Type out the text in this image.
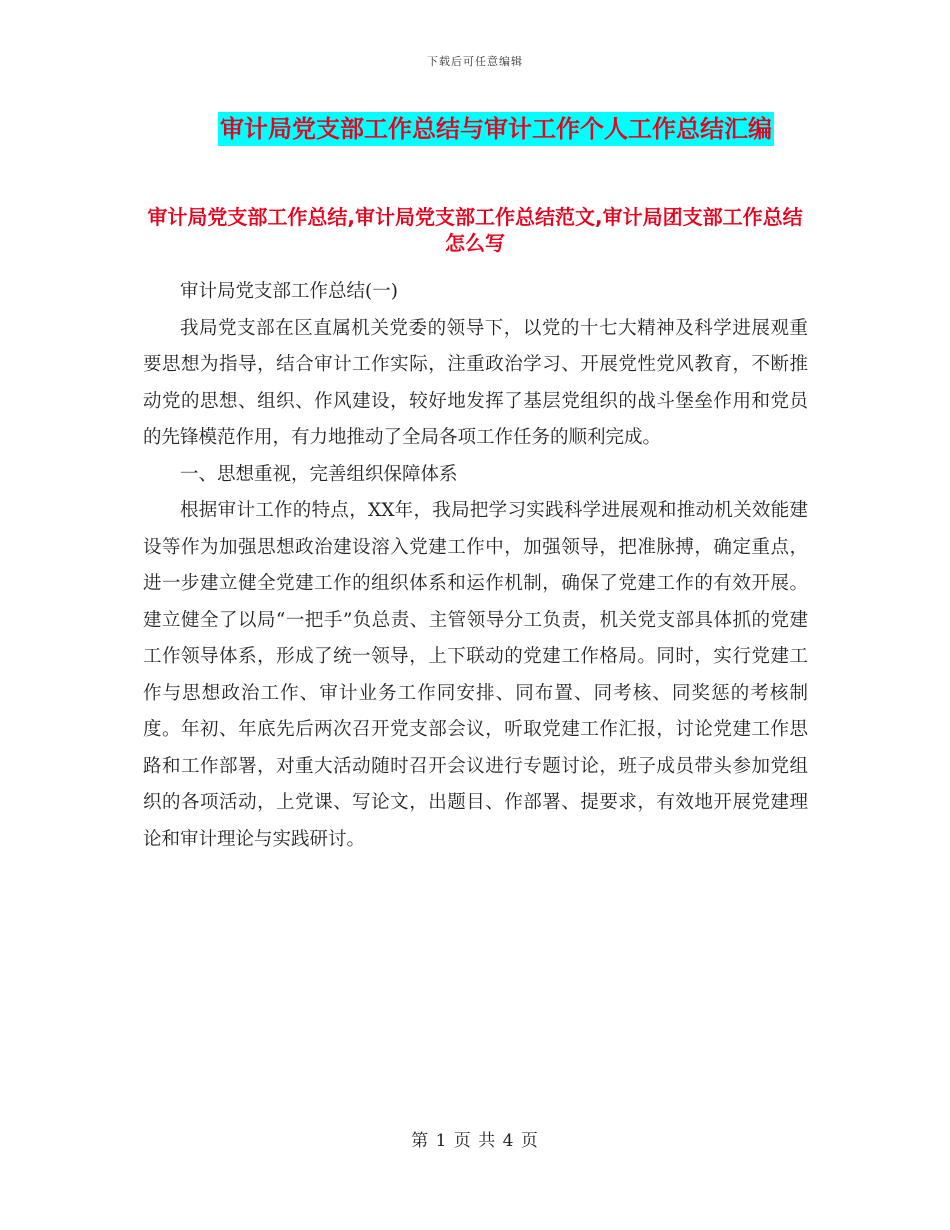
下载后可任意编辑
审计局党支部工作总结与审计工作个人工作总结汇编
审计局党支部工作总结,审计局党支部工作总结范文,审计局团支部工作总结怎么写

审计局党支部工作总结(一)

我局党支部在区直属机关党委的领导下，以党的十七大精神及科学进展观重要思想为指导，结合审计工作实际，注重政治学习、开展党性党风教育，不断推动党的思想、组织、作风建设，较好地发挥了基层党组织的战斗堡垒作用和党员的先锋模范作用，有力地推动了全局各项工作任务的顺利完成。

一、思想重视，完善组织保障体系

根据审计工作的特点，XX年，我局把学习实践科学进展观和推动机关效能建设等作为加强思想政治建设溶入党建工作中，加强领导，把准脉搏，确定重点，进一步建立健全党建工作的组织体系和运作机制，确保了党建工作的有效开展。建立健全了以局“一把手”负总责、主管领导分工负责，机关党支部具体抓的党建工作领导体系，形成了统一领导，上下联动的党建工作格局。同时，实行党建工作与思想政治工作、审计业务工作同安排、同布置、同考核、同奖惩的考核制度。年初、年底先后两次召开党支部会议，听取党建工作汇报，讨论党建工作思路和工作部署，对重大活动随时召开会议进行专题讨论，班子成员带头参加党组织的各项活动，上党课、写论文，出题目、作部署、提要求，有效地开展党建理论和审计理论与实践研讨。

第 1 页 共 4 页
